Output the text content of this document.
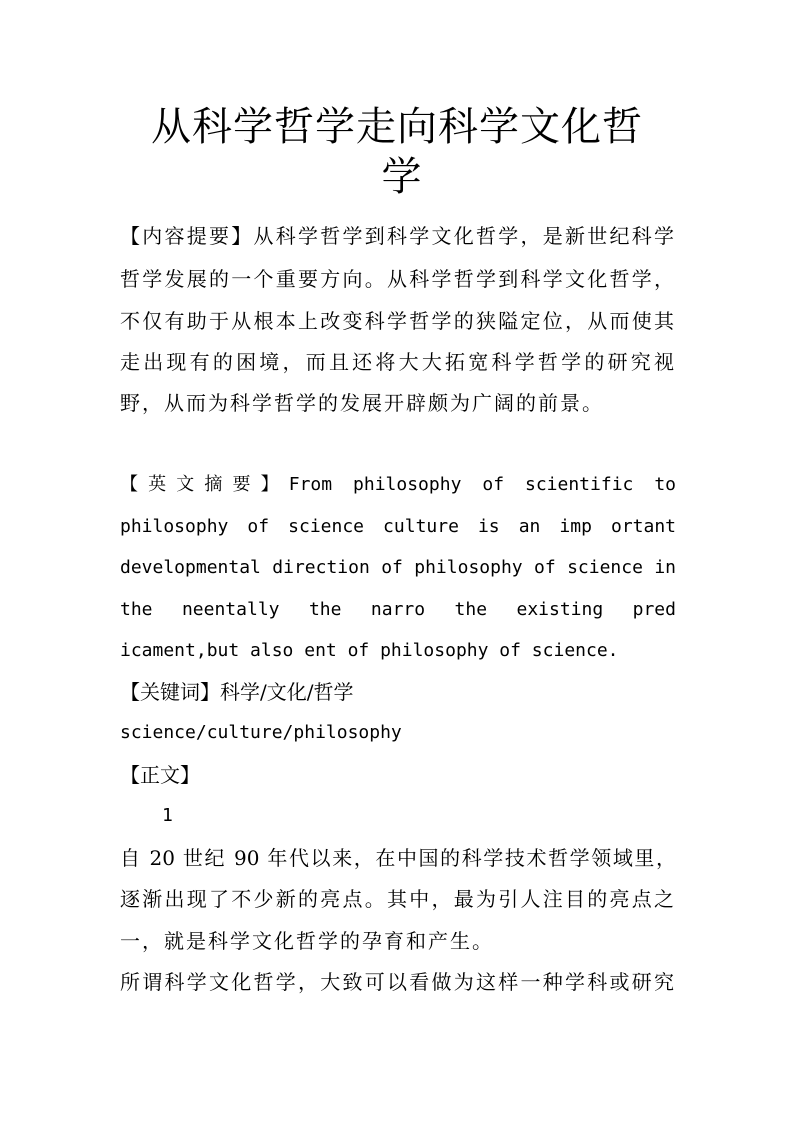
从科学哲学走向科学文化哲
学
【内容提要】从科学哲学到科学文化哲学，是新世纪科学
哲学发展的一个重要方向。从科学哲学到科学文化哲学，
不仅有助于从根本上改变科学哲学的狭隘定位，从而使其
走出现有的困境，而且还将大大拓宽科学哲学的研究视
野，从而为科学哲学的发展开辟颇为广阔的前景。
【英文摘要】From philosophy of scientific to
philosophy of science culture is an imp ortant
developmental direction of philosophy of science in
the neentally the narro the existing pred
icament,but also ent of philosophy of science.
【关键词】科学/文化/哲学
science/culture/philosophy
【正文】
1
自 20 世纪 90 年代以来，在中国的科学技术哲学领域里，
逐渐出现了不少新的亮点。其中，最为引人注目的亮点之
一，就是科学文化哲学的孕育和产生。
所谓科学文化哲学，大致可以看做为这样一种学科或研究
